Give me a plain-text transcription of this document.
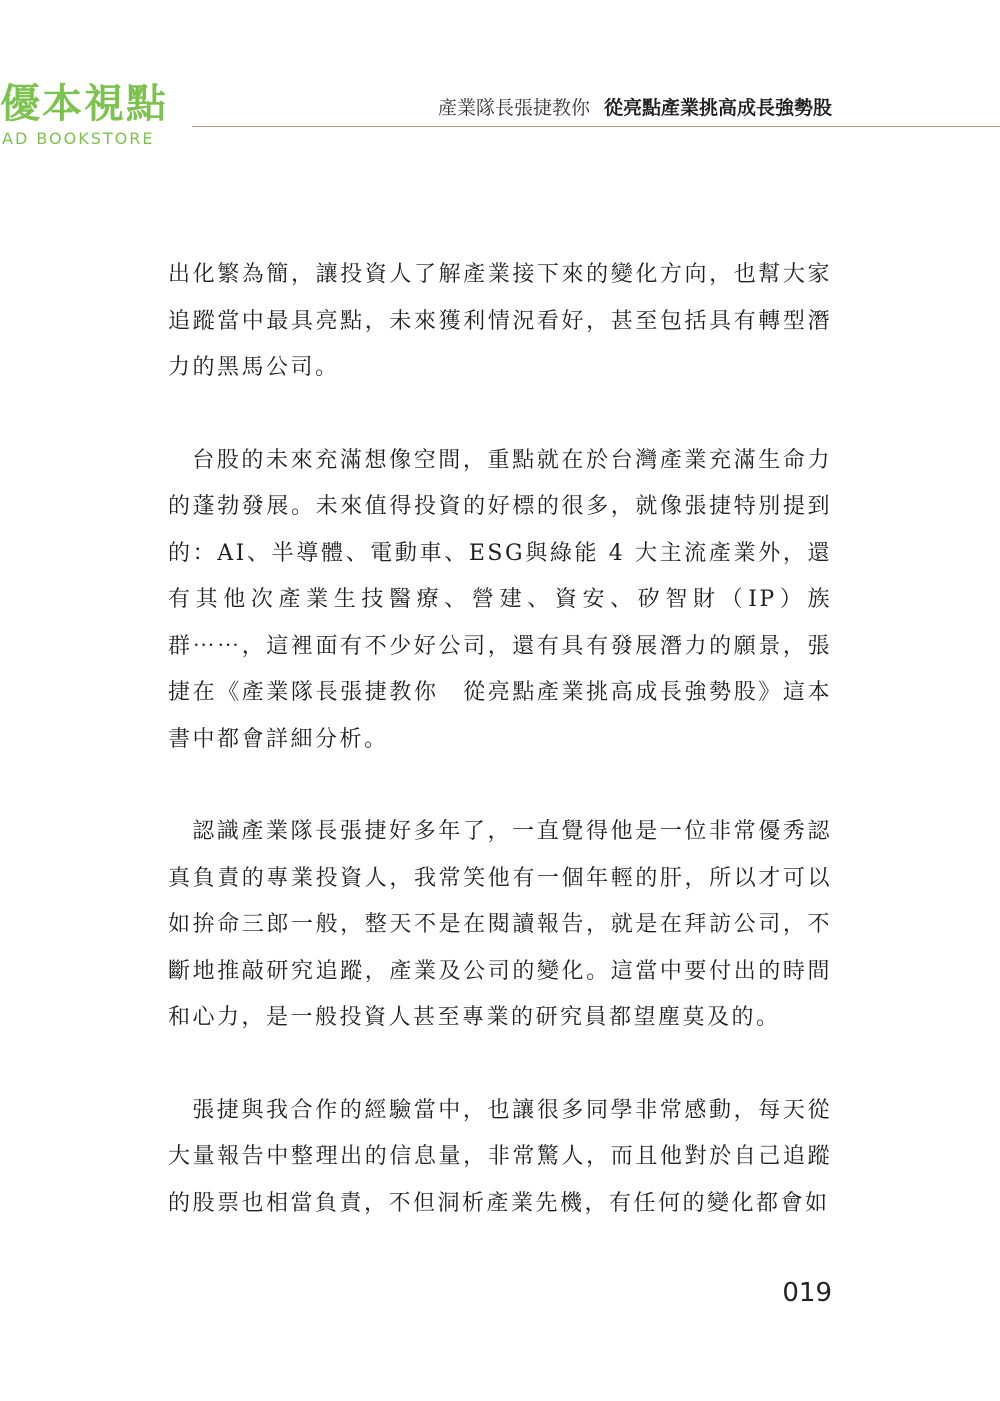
優本視點
AD BOOKSTORE
產業隊長張捷教你 從亮點產業挑高成長強勢股

出化繁為簡，讓投資人了解產業接下來的變化方向，也幫大家追蹤當中最具亮點，未來獲利情況看好，甚至包括具有轉型潛力的黑馬公司。

台股的未來充滿想像空間，重點就在於台灣產業充滿生命力的蓬勃發展。未來值得投資的好標的很多，就像張捷特別提到的：AI、半導體、電動車、ESG與綠能 4 大主流產業外，還有其他次產業生技醫療、營建、資安、矽智財（IP）族群⋯⋯，這裡面有不少好公司，還有具有發展潛力的願景，張捷在《產業隊長張捷教你　從亮點產業挑高成長強勢股》這本書中都會詳細分析。

認識產業隊長張捷好多年了，一直覺得他是一位非常優秀認真負責的專業投資人，我常笑他有一個年輕的肝，所以才可以如拚命三郎一般，整天不是在閱讀報告，就是在拜訪公司，不斷地推敲研究追蹤，產業及公司的變化。這當中要付出的時間和心力，是一般投資人甚至專業的研究員都望塵莫及的。

張捷與我合作的經驗當中，也讓很多同學非常感動，每天從大量報告中整理出的信息量，非常驚人，而且他對於自己追蹤的股票也相當負責，不但洞析產業先機，有任何的變化都會如

019
